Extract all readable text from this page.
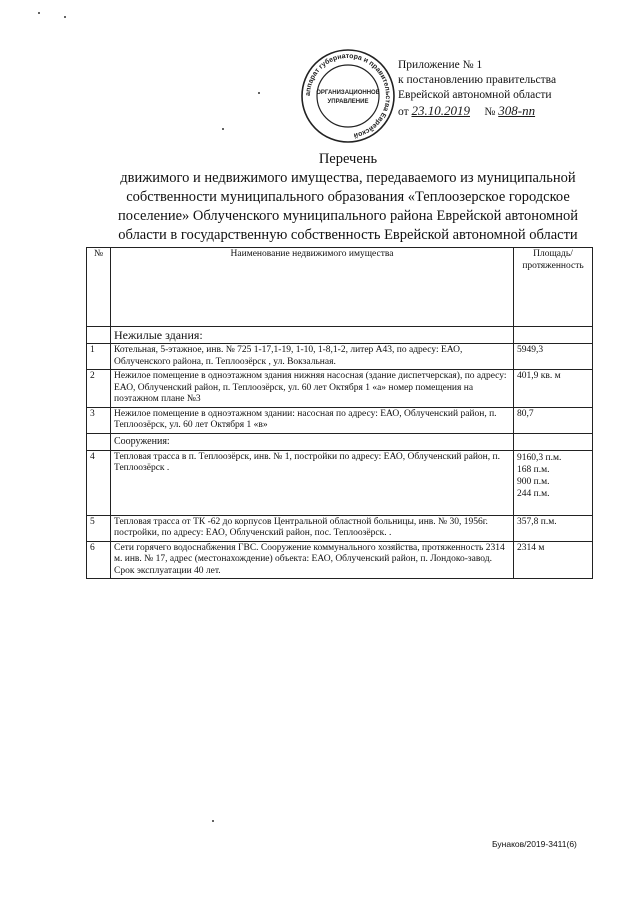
аппарат губернатора и правительства Еврейской
ОРГАНИЗАЦИОННОЕ
УПРАВЛЕНИЕ
Приложение № 1
к постановлению правительства
Еврейской автономной области
от 23.10.2019 № 308-пп
Перечень
движимого и недвижимого имущества, передаваемого из муниципальной собственности муниципального образования «Теплоозерское городское поселение» Облученского муниципального района Еврейской автономной области в государственную собственность Еврейской автономной области
№	Наименование недвижимого имущества	Площадь/протяженность
	Нежилые здания:	
1	Котельная, 5-этажное, инв. № 725 1-17,1-19, 1-10, 1-8,1-2, литер А43, по адресу: ЕАО, Облученского района, п. Теплоозёрск , ул. Вокзальная.	5949,3
2	Нежилое помещение в одноэтажном здания нижняя насосная (здание диспетчерская), по адресу: ЕАО, Облученский район, п. Теплоозёрск, ул. 60 лет Октября 1 «а» номер помещения на поэтажном плане №3	401,9 кв. м
3	Нежилое помещение в одноэтажном здании: насосная по адресу: ЕАО, Облученский район, п. Теплоозёрск, ул. 60 лет Октября 1 «в»	80,7
	Сооружения:	
4	Тепловая трасса в п. Теплоозёрск, инв. № 1, постройки по адресу: ЕАО, Облученский район, п. Теплоозёрск .	9160,3 п.м.
168 п.м.
900 п.м.
244 п.м.

5	Тепловая трасса от ТК -62 до корпусов Центральной областной больницы, инв. № 30, 1956г. постройки, по адресу: ЕАО, Облученский район, пос. Теплоозёрск. .	357,8 п.м.
6	Сети горячего водоснабжения ГВС. Сооружение коммунального хозяйства, протяженность 2314 м. инв. № 17, адрес (местонахождение) объекта: ЕАО, Облученский район, п. Лондоко-завод. Срок эксплуатации 40 лет.	2314 м
Бунаков/2019-3411(6)
